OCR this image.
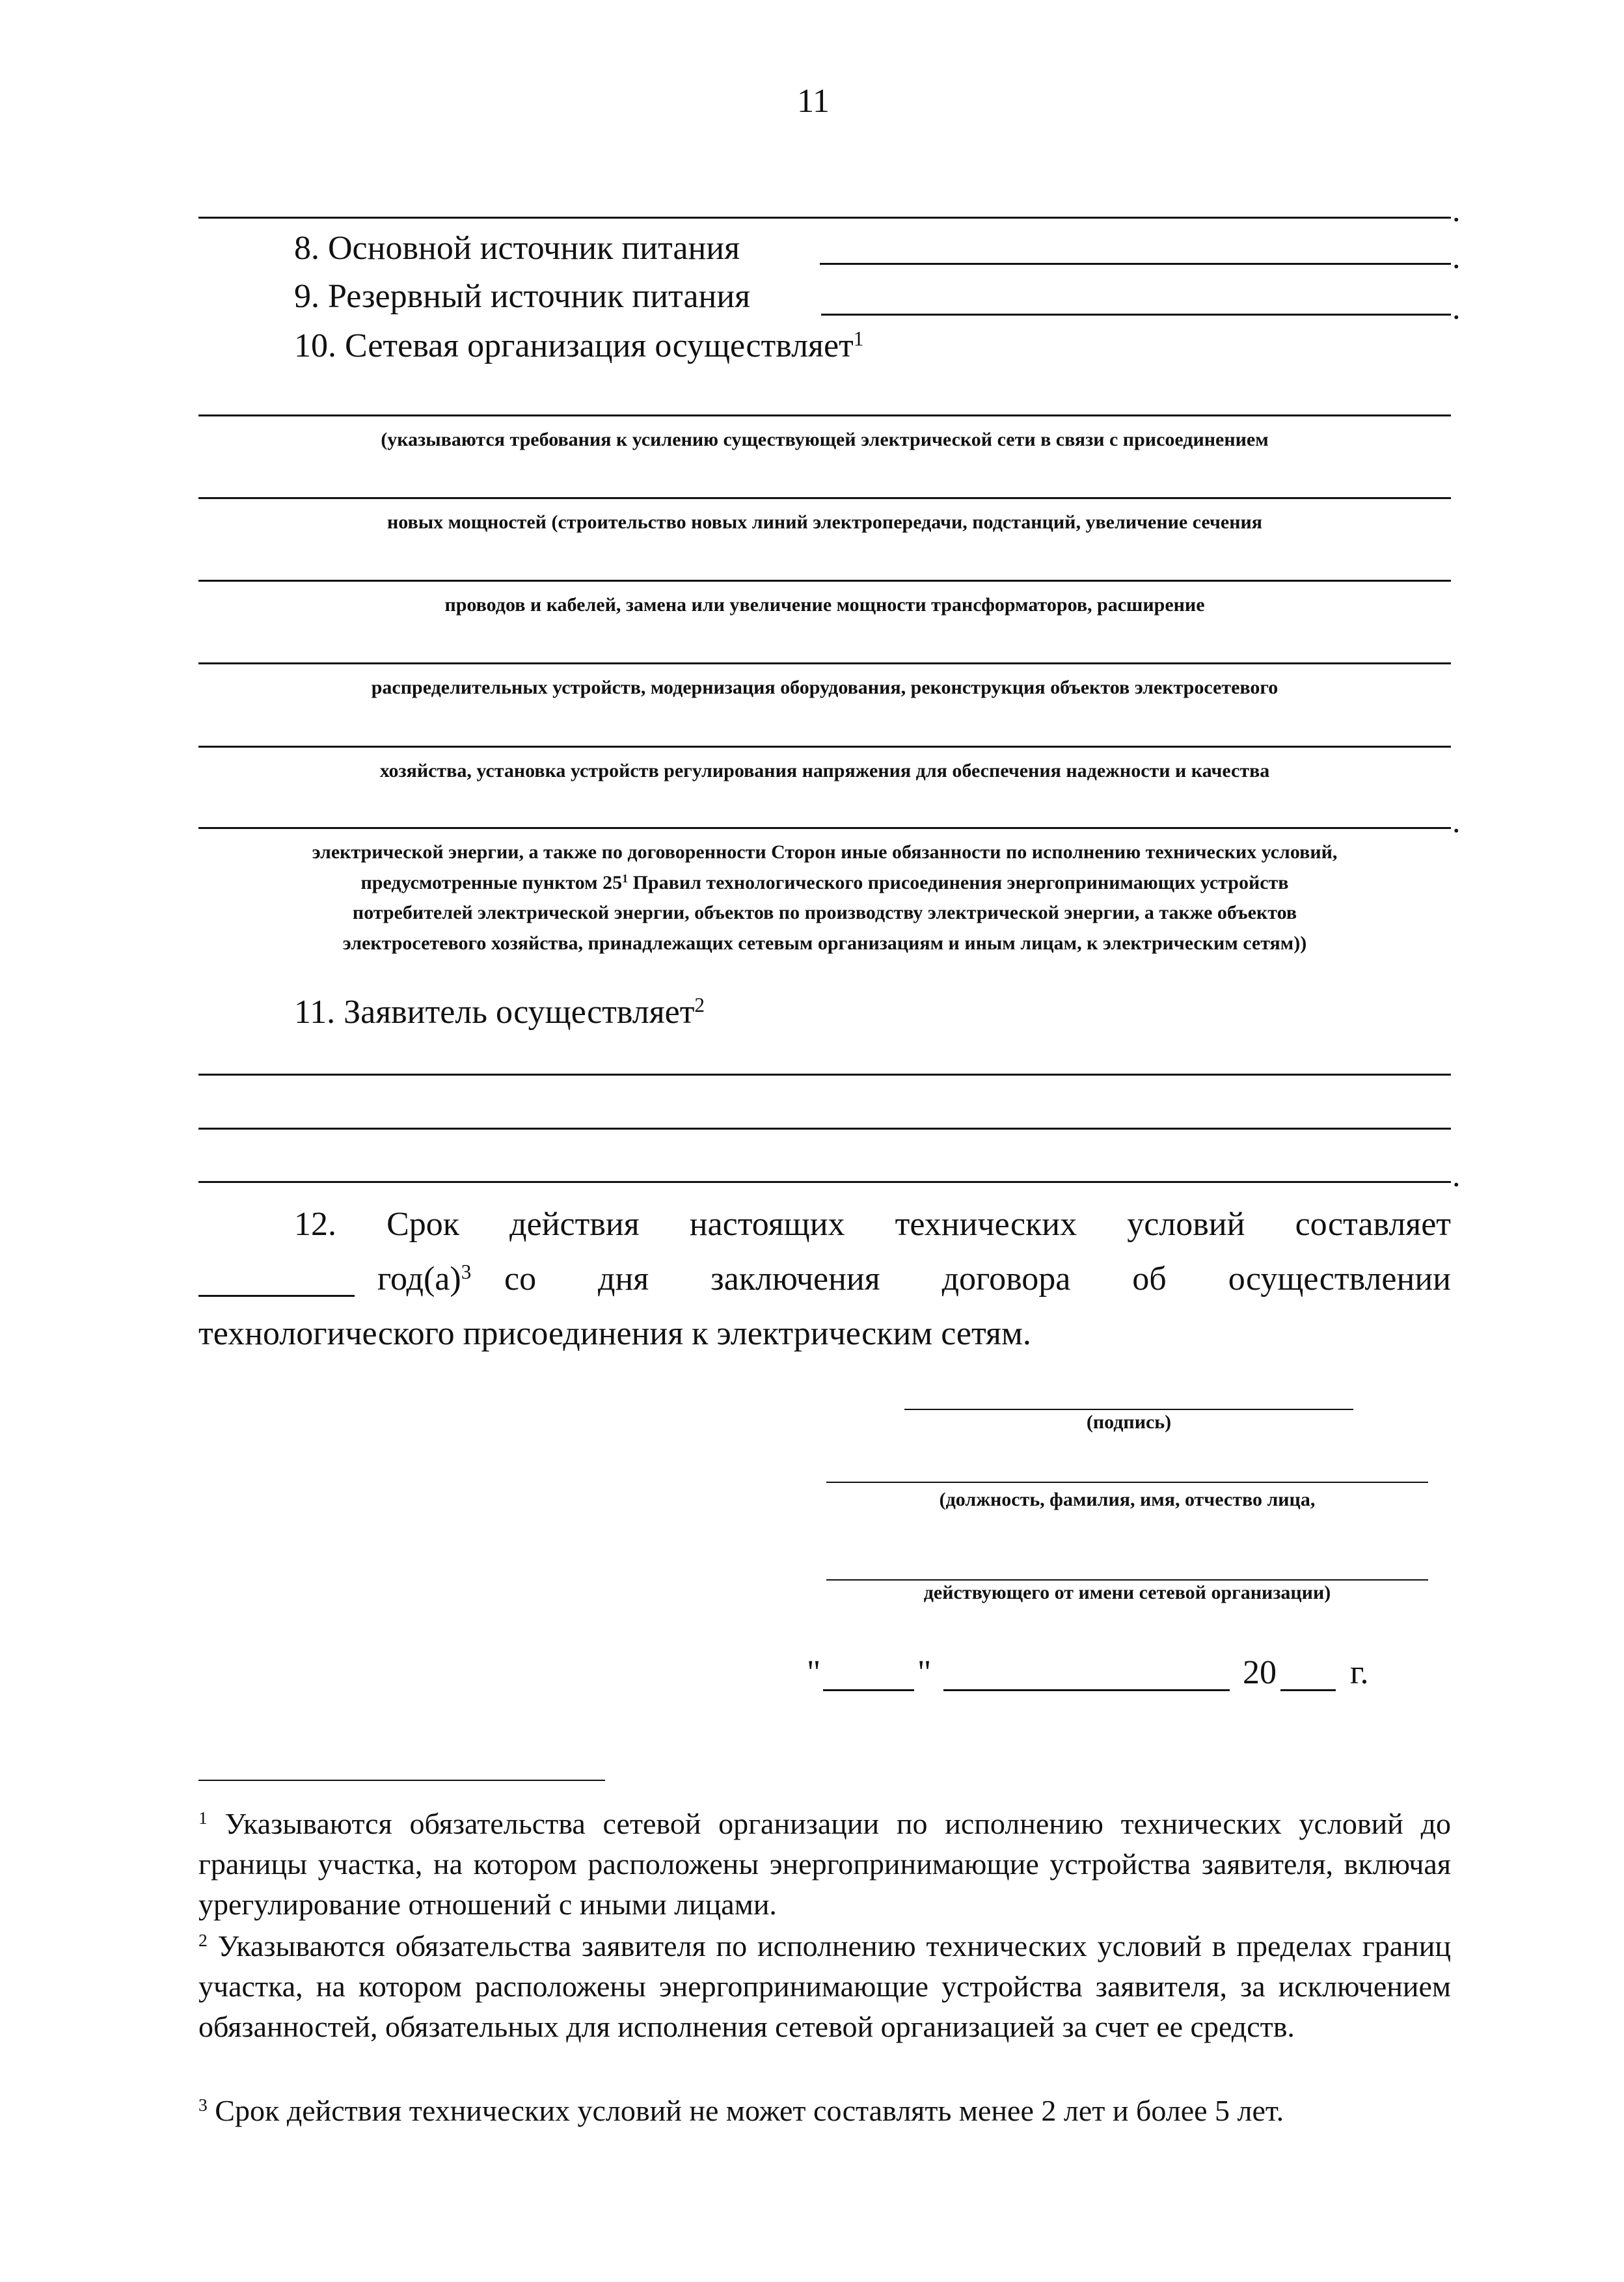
11
.
8. Основной источник питания	.
9. Резервный источник питания	.
10. Сетевая организация осуществляет$^1$
(указываются требования к усилению существующей электрической сети в связи с присоединением
новых мощностей (строительство новых линий электропередачи, подстанций, увеличение сечения
проводов и кабелей, замена или увеличение мощности трансформаторов, расширение
распределительных устройств, модернизация оборудования, реконструкция объектов электросетевого
хозяйства, установка устройств регулирования напряжения для обеспечения надежности и качества
.
электрической энергии, а также по договоренности Сторон иные обязанности по исполнению технических условий,
предусмотренные пунктом $25^1$ Правил технологического присоединения энергопринимающих устройств
потребителей электрической энергии, объектов по производству электрической энергии, а также объектов
электросетевого хозяйства, принадлежащих сетевым организациям и иным лицам, к электрическим сетям))
11. Заявитель осуществляет$^2$
.
12. Срок действия настоящих технических условий составляет
$год(а)^3$ со дня заключения договора об осуществлении
технологического присоединения к электрическим сетям.
(подпись)
(должность, фамилия, имя, отчество лица,
действующего от имени сетевой организации)
"	"	20 г.
$^1$ Указываются обязательства сетевой организации по исполнению технических условий до границы участка, на котором расположены энергопринимающие устройства заявителя, включая урегулирование отношений с иными лицами.
$^2$ Указываются обязательства заявителя по исполнению технических условий в пределах границ участка, на котором расположены энергопринимающие устройства заявителя, за исключением обязанностей, обязательных для исполнения сетевой организацией за счет ее средств.
$^3$ Срок действия технических условий не может составлять менее 2 лет и более 5 лет.
